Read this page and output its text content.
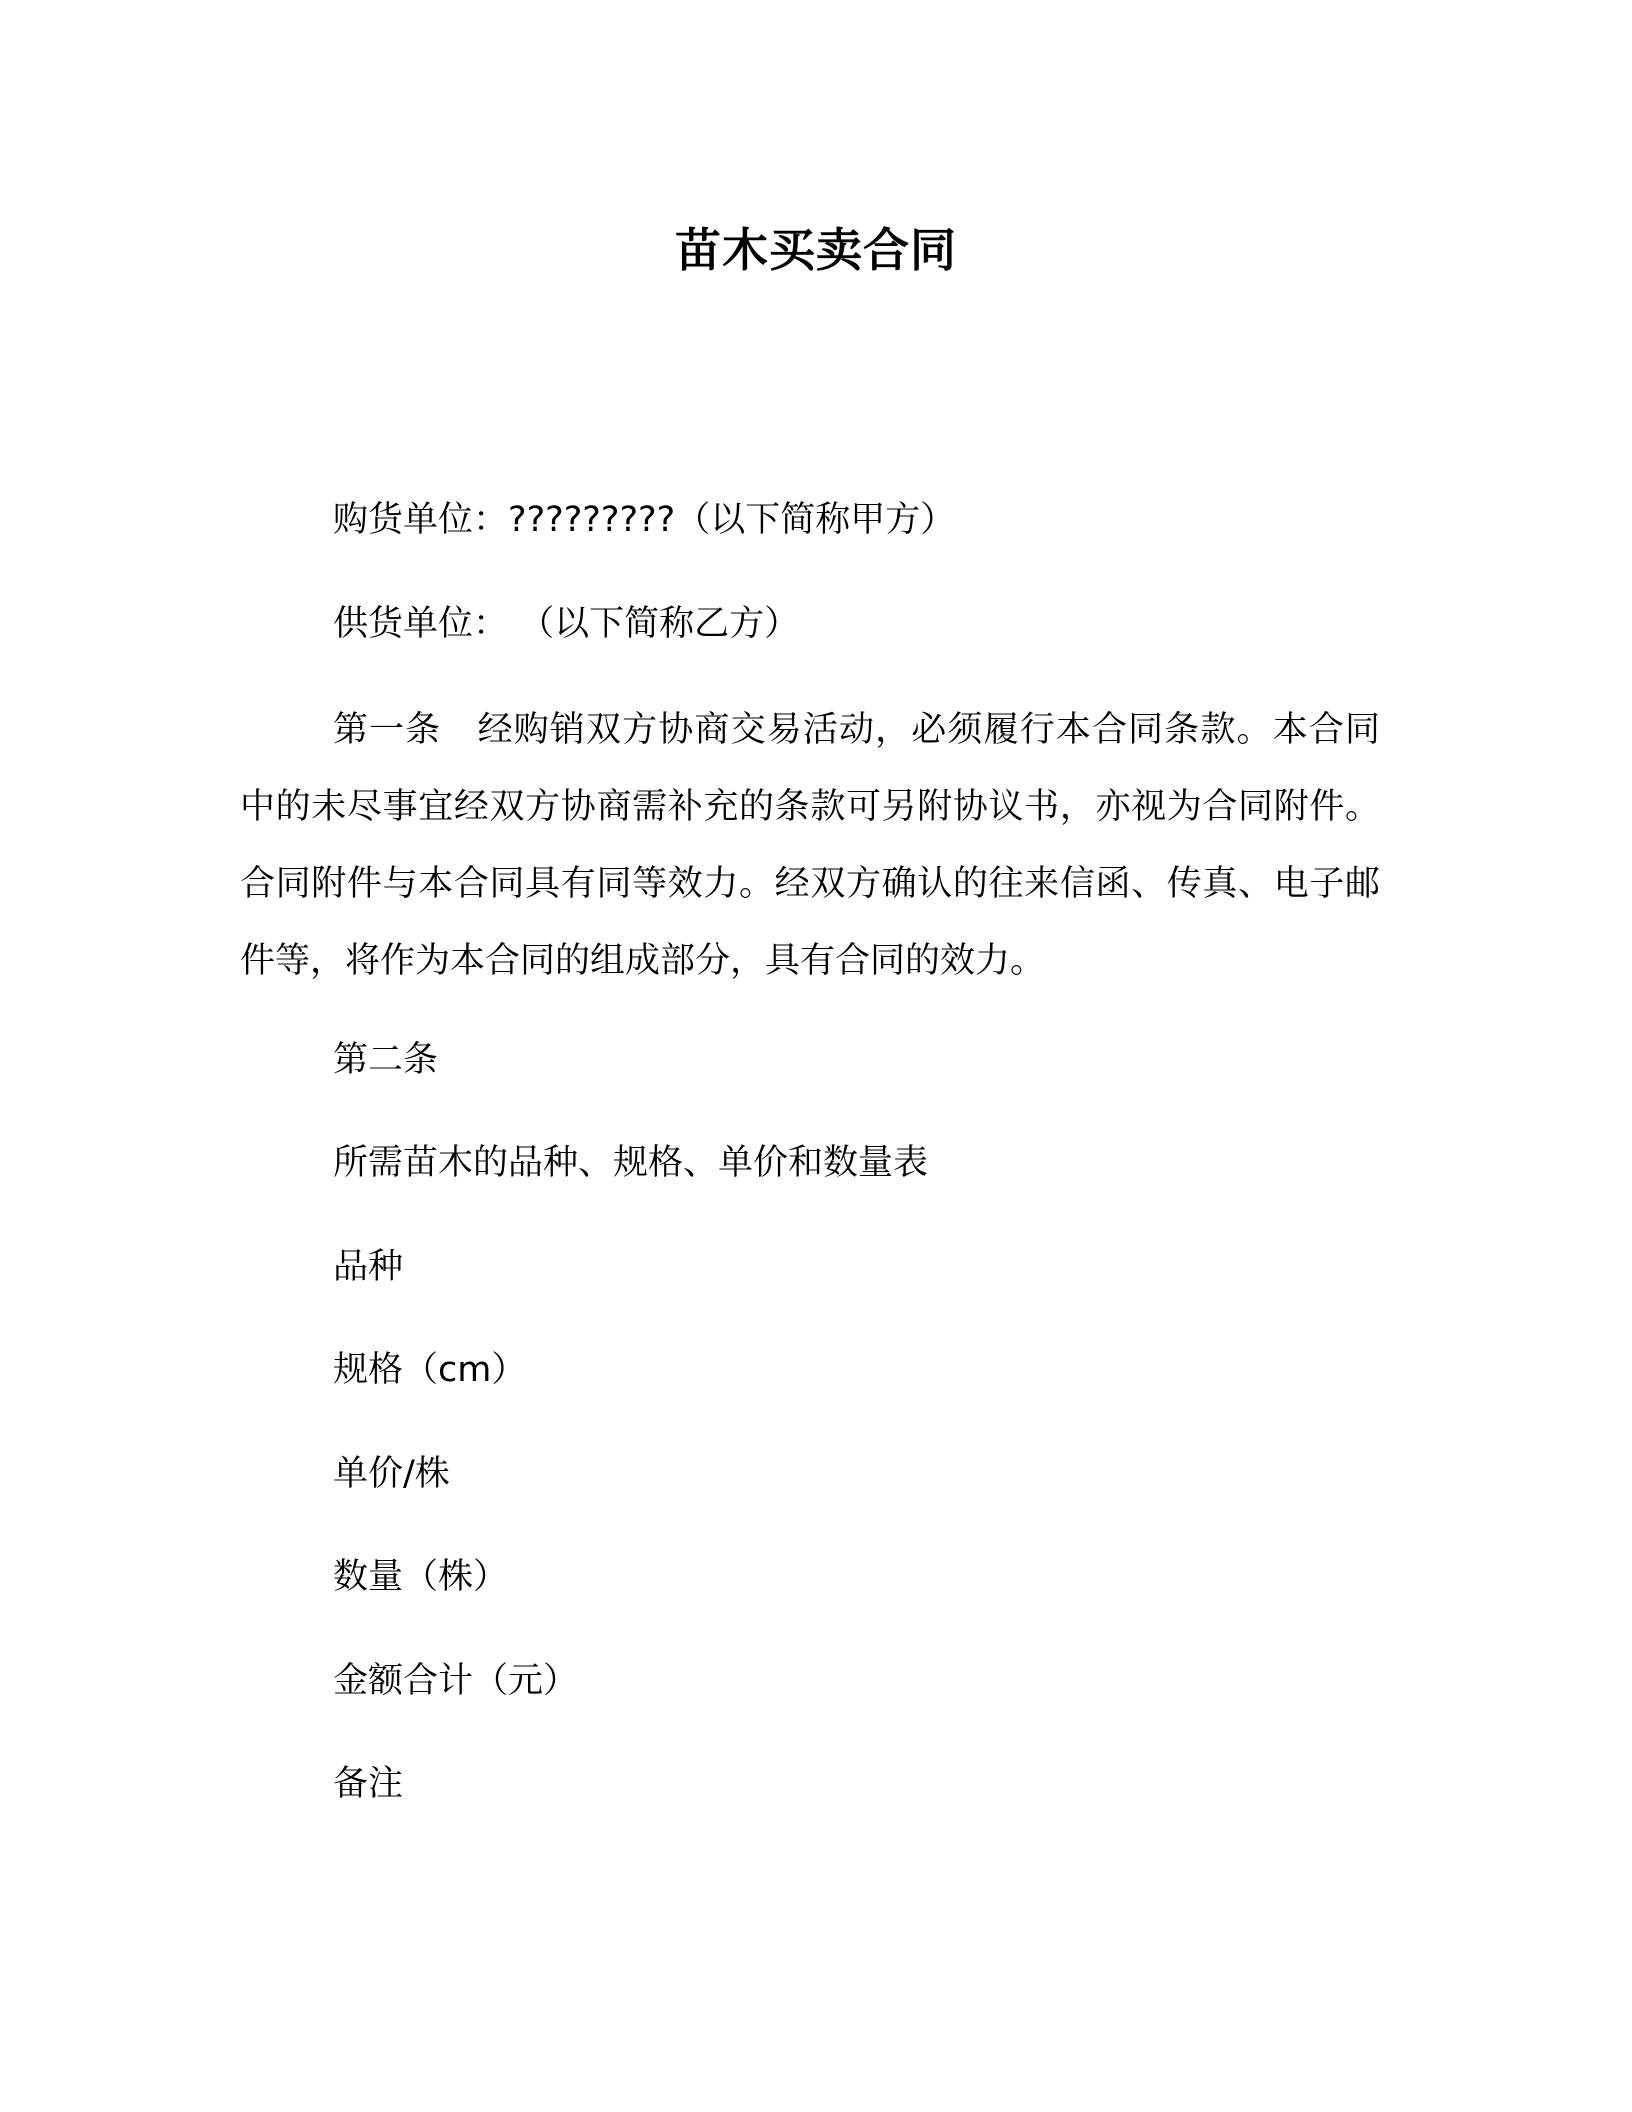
苗木买卖合同
购货单位：?????????（以下简称甲方）
供货单位： （以下简称乙方）

第一条　经购销双方协商交易活动，必须履行本合同条款。本合同中的未尽事宜经双方协商需补充的条款可另附协议书，亦视为合同附件。合同附件与本合同具有同等效力。经双方确认的往来信函、传真、电子邮件等，将作为本合同的组成部分，具有合同的效力。

第二条
所需苗木的品种、规格、单价和数量表
品种
规格（cm）
单价/株
数量（株）
金额合计（元）
备注
